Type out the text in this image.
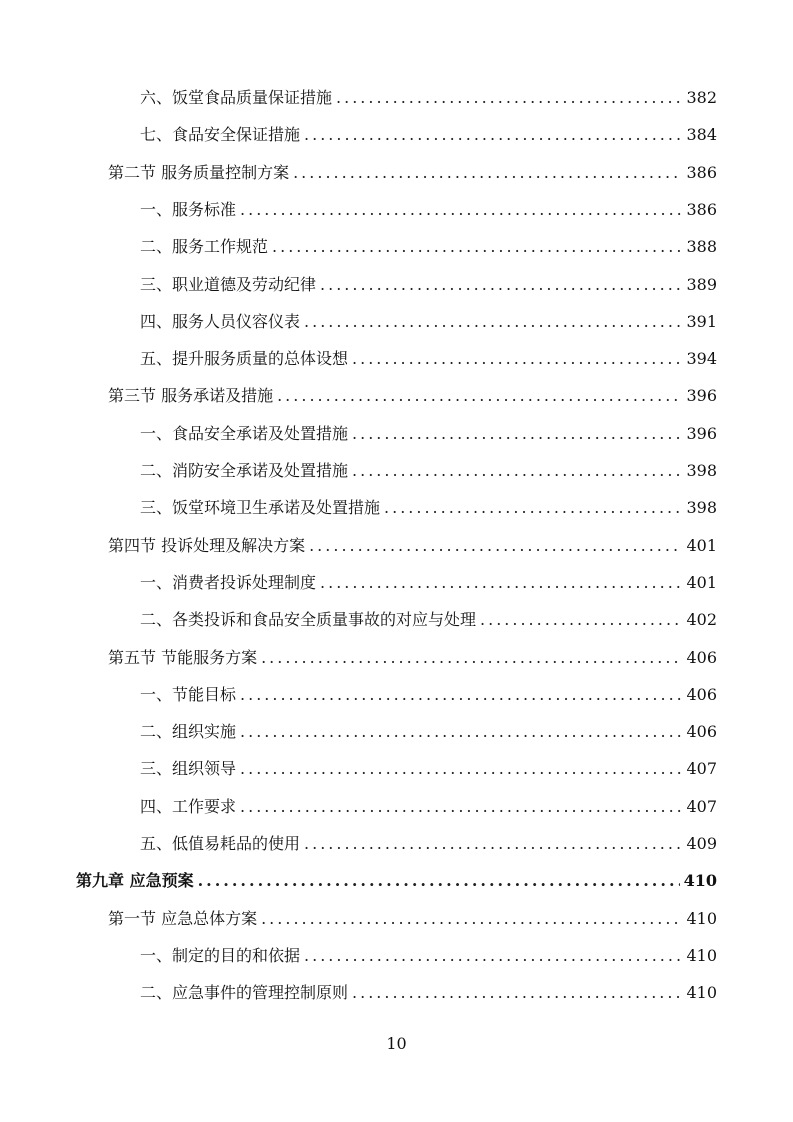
六、饭堂食品质量保证措施 .....	382
七、食品安全保证措施 .....	384
第二节 服务质量控制方案 .....	386
一、服务标准 .....	386
二、服务工作规范 .....	388
三、职业道德及劳动纪律 .....	389
四、服务人员仪容仪表 .....	391
五、提升服务质量的总体设想 .....	394
第三节 服务承诺及措施 .....	396
一、食品安全承诺及处置措施 .....	396
二、消防安全承诺及处置措施 .....	398
三、饭堂环境卫生承诺及处置措施 .....	398
第四节 投诉处理及解决方案 .....	401
一、消费者投诉处理制度 .....	401
二、各类投诉和食品安全质量事故的对应与处理 .....	402
第五节 节能服务方案 .....	406
一、节能目标 .....	406
二、组织实施 .....	406
三、组织领导 .....	407
四、工作要求 .....	407
五、低值易耗品的使用 .....	409
第九章 应急预案 .....	410
第一节 应急总体方案 .....	410
一、制定的目的和依据 .....	410
二、应急事件的管理控制原则 .....	410
10
